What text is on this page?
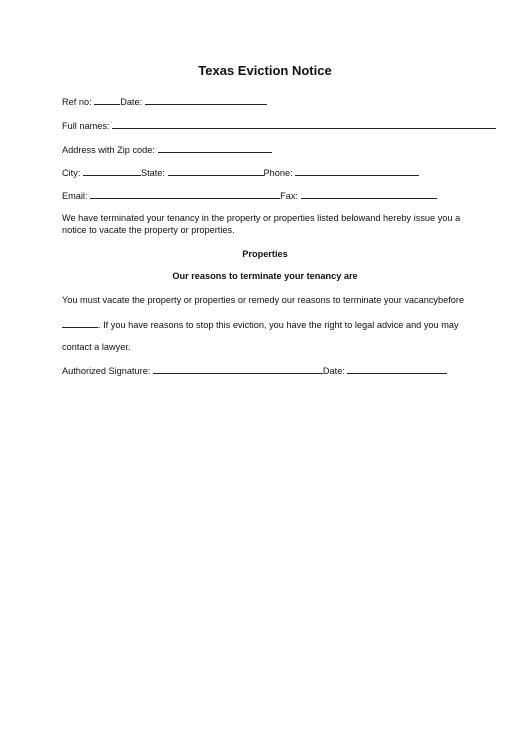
Texas Eviction Notice
Ref no:	Date:
Full names:
Address with Zip code:
City:	State:	Phone:
Email:	Fax:
We have terminated your tenancy in the property or properties listed belowand hereby issue you a notice to vacate the property or properties.
Properties
Our reasons to terminate your tenancy are
You must vacate the property or properties or remedy our reasons to terminate your vacancybefore
. If you have reasons to stop this eviction, you have the right to legal advice and you may
contact a lawyer.
Authorized Signature:	Date:
